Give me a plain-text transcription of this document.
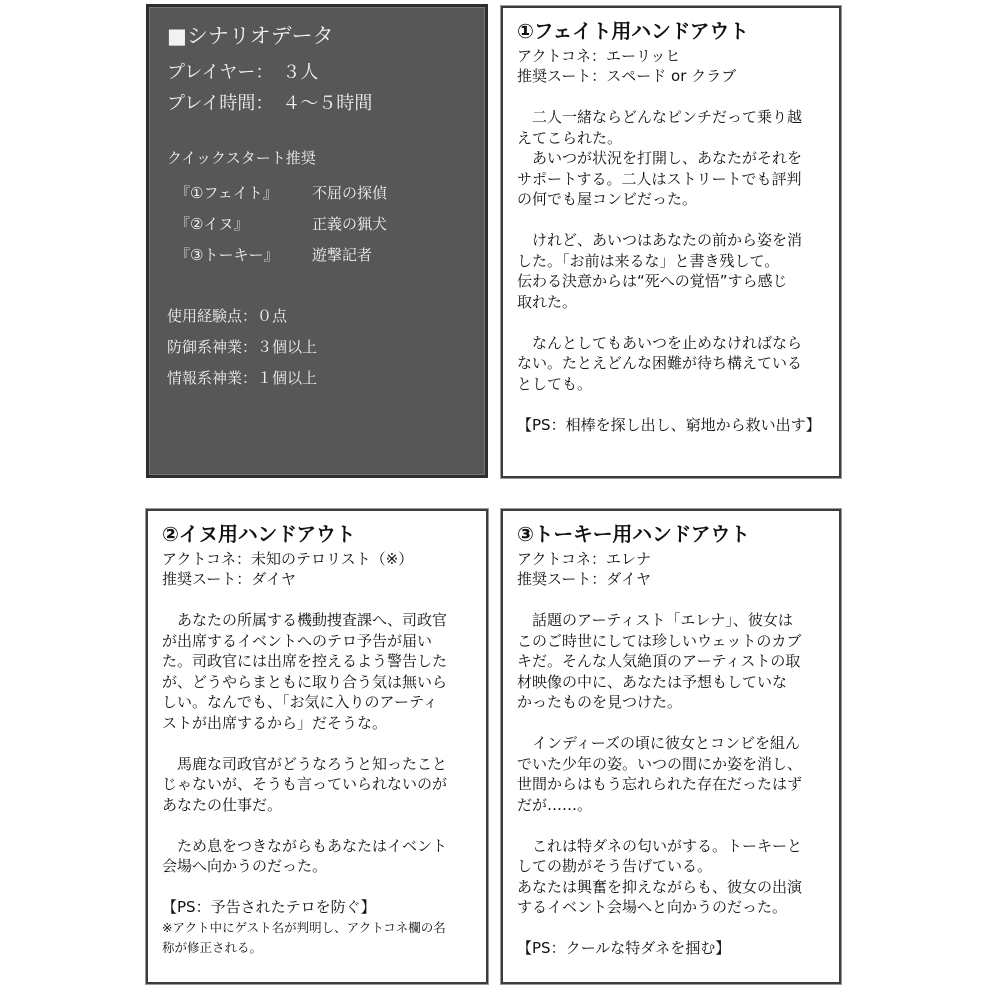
■シナリオデータ
プレイヤー：　３人
プレイ時間：　４～５時間
クイックスタート推奨
『①フェイト』	不屈の探偵
『②イヌ』	正義の猟犬
『③トーキー』	遊撃記者
使用経験点：０点
防御系神業：３個以上
情報系神業：１個以上
①フェイト用ハンドアウト
アクトコネ：エーリッヒ
推奨スート：スペード or クラブ

　二人一緒ならどんなピンチだって乗り越
えてこられた。
　あいつが状況を打開し、あなたがそれを
サポートする。二人はストリートでも評判
の何でも屋コンビだった。

　けれど、あいつはあなたの前から姿を消
した。「お前は来るな」と書き残して。
伝わる決意からは“死への覚悟”すら感じ
取れた。

　なんとしてもあいつを止めなければなら
ない。たとえどんな困難が待ち構えている
としても。

【PS：相棒を探し出し、窮地から救い出す】
②イヌ用ハンドアウト
アクトコネ：未知のテロリスト（※）
推奨スート：ダイヤ

　あなたの所属する機動捜査課へ、司政官
が出席するイベントへのテロ予告が届い
た。司政官には出席を控えるよう警告した
が、どうやらまともに取り合う気は無いら
しい。なんでも、「お気に入りのアーティ
ストが出席するから」だそうな。

　馬鹿な司政官がどうなろうと知ったこと
じゃないが、そうも言っていられないのが
あなたの仕事だ。

　ため息をつきながらもあなたはイベント
会場へ向かうのだった。

【PS：予告されたテロを防ぐ】
※アクト中にゲスト名が判明し、アクトコネ欄の名
称が修正される。
③トーキー用ハンドアウト
アクトコネ：エレナ
推奨スート：ダイヤ

　話題のアーティスト「エレナ」、彼女は
このご時世にしては珍しいウェットのカブ
キだ。そんな人気絶頂のアーティストの取
材映像の中に、あなたは予想もしていな
かったものを見つけた。

　インディーズの頃に彼女とコンビを組ん
でいた少年の姿。いつの間にか姿を消し、
世間からはもう忘れられた存在だったはず
だが……。

　これは特ダネの匂いがする。トーキーと
しての勘がそう告げている。
あなたは興奮を抑えながらも、彼女の出演
するイベント会場へと向かうのだった。

【PS：クールな特ダネを掴む】
